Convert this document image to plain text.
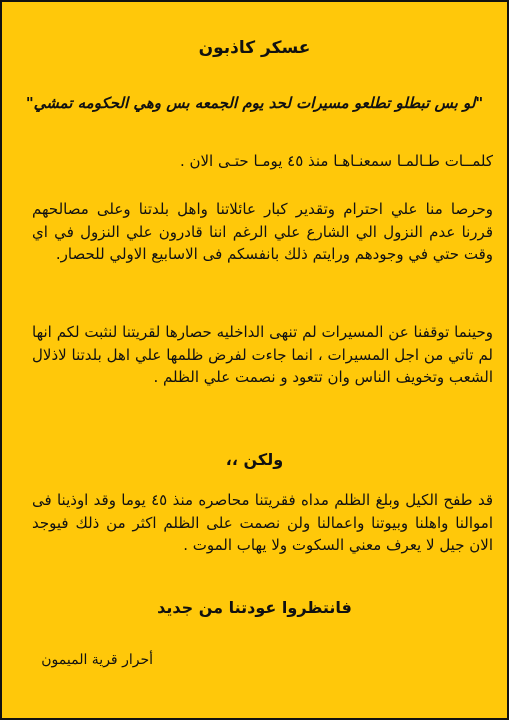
عسكر كاذبون

"لو بس تبطلو تطلعو مسيرات لحد يوم الجمعه بس وهي الحكومه تمشي"

كلمــات طـالمـا سمعنـاهـا منذ ٤٥ يومـا حتـى الان .

وحرصا منا علي احترام وتقدير كبار عائلاتنا واهل بلدتنا وعلى مصالحهم قررنا عدم النزول الي الشارع علي الرغم اننا قادرون علي النزول في اي وقت حتي في وجودهم ورايتم ذلك بانفسكم فى الاسابيع الاولي للحصار.

وحينما توقفنا عن المسيرات لم تنهى الداخليه حصارها لقريتنا لنثبت لكم انها لم تاتي من اجل المسيرات ، انما جاءت لفرض ظلمها علي اهل بلدتنا لاذلال الشعب وتخويف الناس وان تتعود و نصمت علي الظلم .

ولكن ،،

قد طفح الكيل وبلغ الظلم مداه فقريتنا محاصره منذ ٤٥ يوما وقد اوذينا فى اموالنا واهلنا وبيوتنا واعمالنا ولن نصمت على الظلم اكثر من ذلك فيوجد الان جيل لا يعرف معني السكوت ولا يهاب الموت .

فانتظروا عودتنا من جديد

أحرار قرية الميمون
